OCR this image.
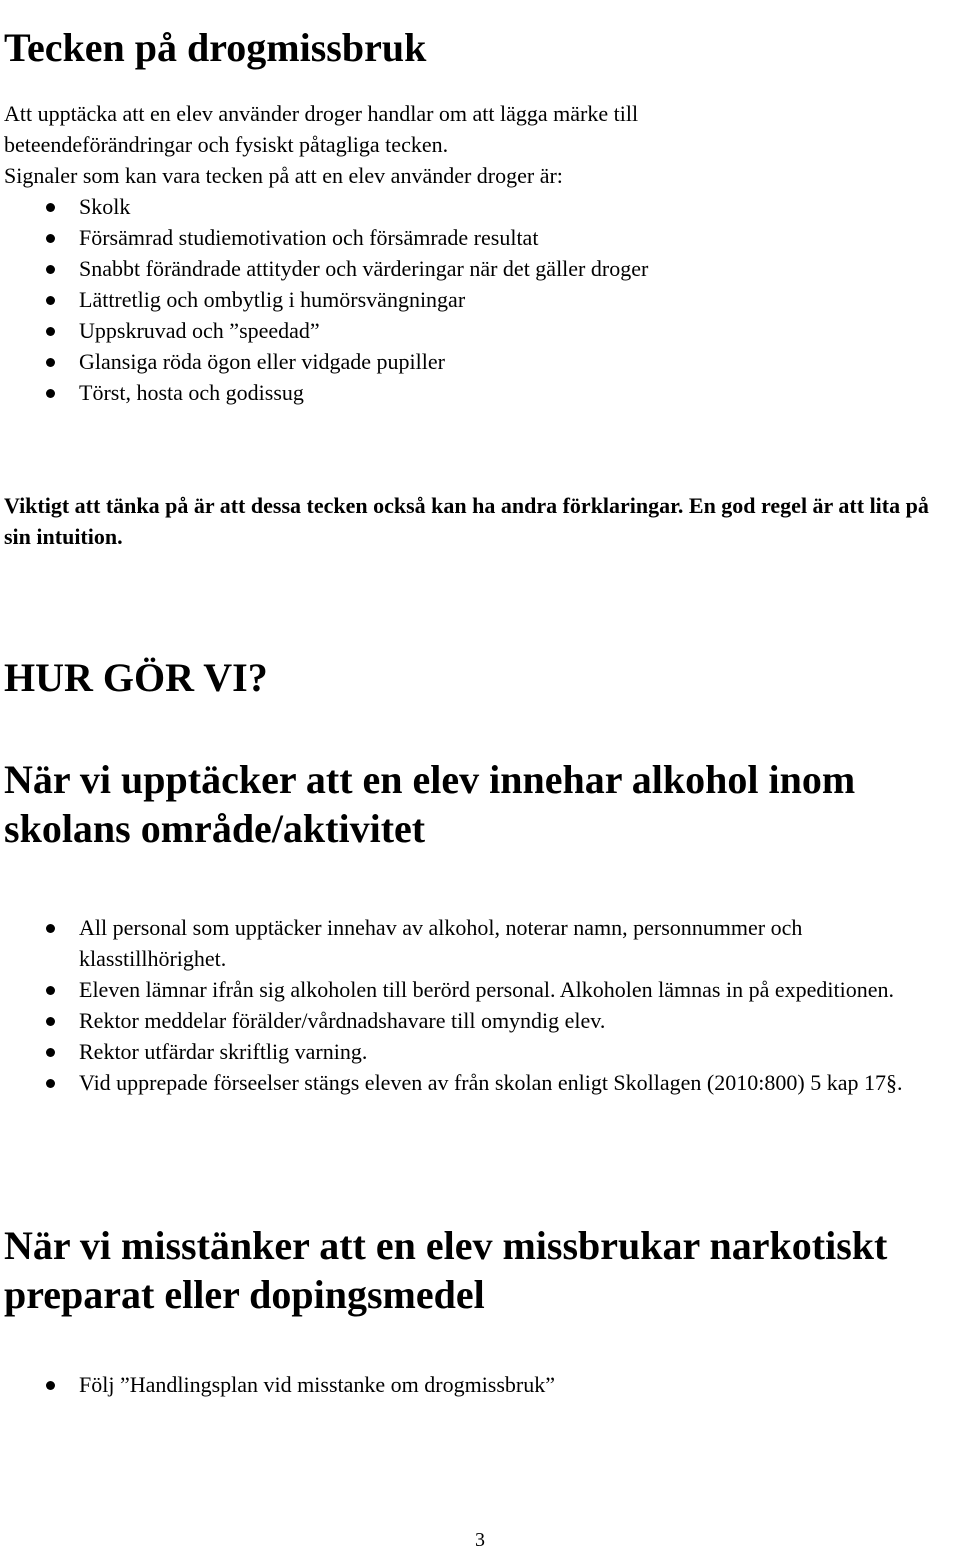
Tecken på drogmissbruk
Att upptäcka att en elev använder droger handlar om att lägga märke till
beteendeförändringar och fysiskt påtagliga tecken.
Signaler som kan vara tecken på att en elev använder droger är:
Skolk
Försämrad studiemotivation och försämrade resultat
Snabbt förändrade attityder och värderingar när det gäller droger
Lättretlig och ombytlig i humörsvängningar
Uppskruvad och ”speedad”
Glansiga röda ögon eller vidgade pupiller
Törst, hosta och godissug

Viktigt att tänka på är att dessa tecken också kan ha andra förklaringar. En god regel är att lita på sin intuition.

HUR GÖR VI?
När vi upptäcker att en elev innehar alkohol inom skolans område/aktivitet
All personal som upptäcker innehav av alkohol, noterar namn, personnummer och klasstillhörighet.
Eleven lämnar ifrån sig alkoholen till berörd personal. Alkoholen lämnas in på expeditionen.
Rektor meddelar förälder/vårdnadshavare till omyndig elev.
Rektor utfärdar skriftlig varning.
Vid upprepade förseelser stängs eleven av från skolan enligt Skollagen (2010:800) 5 kap 17§.
När vi misstänker att en elev missbrukar narkotiskt preparat eller dopingsmedel
Följ ”Handlingsplan vid misstanke om drogmissbruk”
3
